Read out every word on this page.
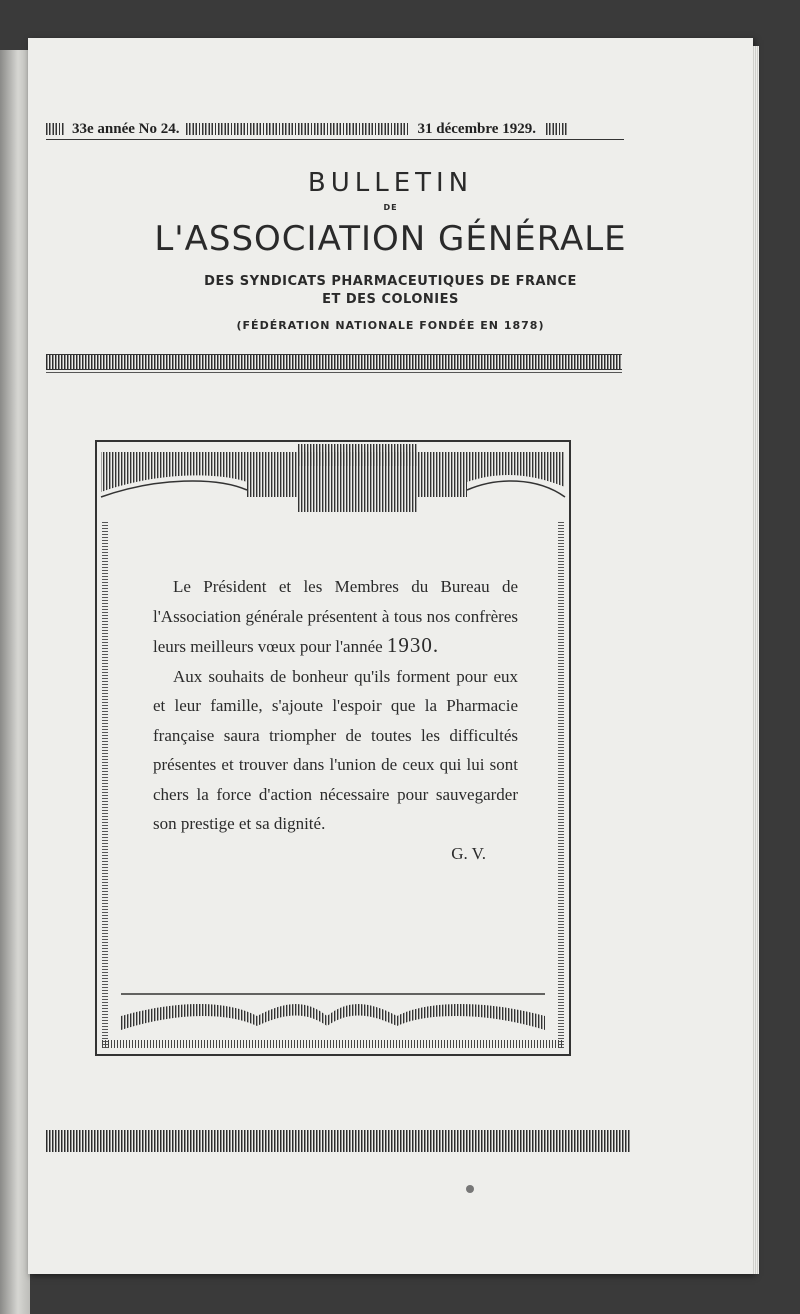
33e année No 24.	31 décembre 1929.
BULLETIN
DE
L'ASSOCIATION GÉNÉRALE
DES SYNDICATS PHARMACEUTIQUES DE FRANCE
ET DES COLONIES
(FÉDÉRATION NATIONALE FONDÉE EN 1878)

Le Président et les Membres du Bureau de l'Association générale présentent à tous nos confrères leurs meilleurs vœux pour l'année 1930.

Aux souhaits de bonheur qu'ils forment pour eux et leur famille, s'ajoute l'espoir que la Pharmacie française saura triompher de toutes les difficultés présentes et trouver dans l'union de ceux qui lui sont chers la force d'action nécessaire pour sauvegarder son prestige et sa dignité.

G. V.
